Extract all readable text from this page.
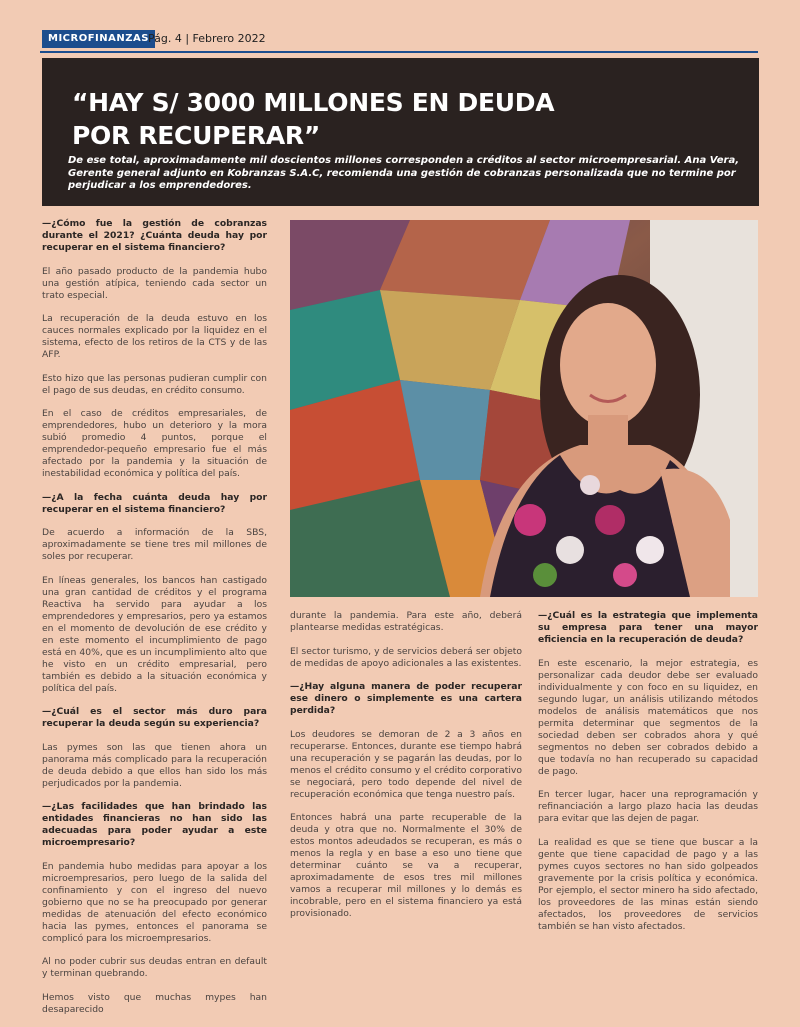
MICROFINANZAS Pág. 4 | Febrero 2022
“HAY S/ 3000 MILLONES EN DEUDA
POR RECUPERAR”

De ese total, aproximadamente mil doscientos millones corresponden a créditos al sector microempresarial. Ana Vera, Gerente general adjunto en Kobranzas S.A.C, recomienda una gestión de cobranzas personalizada que no termine por perjudicar a los emprendedores.

—¿Cómo fue la gestión de cobranzas durante el 2021? ¿Cuánta deuda hay por recuperar en el sistema financiero?

El año pasado producto de la pandemia hubo una gestión atípica, teniendo cada sector un trato especial.

La recuperación de la deuda estuvo en los cauces normales explicado por la liquidez en el sistema, efecto de los retiros de la CTS y de las AFP.

Esto hizo que las personas pudieran cumplir con el pago de sus deudas, en crédito consumo.

En el caso de créditos empresariales, de emprendedores, hubo un deterioro y la mora subió promedio 4 puntos, porque el emprendedor-pequeño empresario fue el más afectado por la pandemia y la situación de inestabilidad económica y política del país.

—¿A la fecha cuánta deuda hay por recuperar en el sistema financiero?

De acuerdo a información de la SBS, aproximadamente se tiene tres mil millones de soles por recuperar.

En líneas generales, los bancos han castigado una gran cantidad de créditos y el programa Reactiva ha servido para ayudar a los emprendedores y empresarios, pero ya estamos en el momento de devolución de ese crédito y en este momento el incumplimiento de pago está en 40%, que es un incumplimiento alto que he visto en un crédito empresarial, pero también es debido a la situación económica y política del país.

—¿Cuál es el sector más duro para recuperar la deuda según su experiencia?

Las pymes son las que tienen ahora un panorama más complicado para la recuperación de deuda debido a que ellos han sido los más perjudicados por la pandemia.

—¿Las facilidades que han brindado las entidades financieras no han sido las adecuadas para poder ayudar a este microempresario?

En pandemia hubo medidas para apoyar a los microempresarios, pero luego de la salida del confinamiento y con el ingreso del nuevo gobierno que no se ha preocupado por generar medidas de atenuación del efecto económico hacia las pymes, entonces el panorama se complicó para los microempresarios.

Al no poder cubrir sus deudas entran en default y terminan quebrando.

Hemos visto que muchas mypes han desaparecido

durante la pandemia. Para este año, deberá plantearse medidas estratégicas.

El sector turismo, y de servicios deberá ser objeto de medidas de apoyo adicionales a las existentes.

—¿Hay alguna manera de poder recuperar ese dinero o simplemente es una cartera perdida?

Los deudores se demoran de 2 a 3 años en recuperarse. Entonces, durante ese tiempo habrá una recuperación y se pagarán las deudas, por lo menos el crédito consumo y el crédito corporativo se negociará, pero todo depende del nivel de recuperación económica que tenga nuestro país.

Entonces habrá una parte recuperable de la deuda y otra que no. Normalmente el 30% de estos montos adeudados se recuperan, es más o menos la regla y en base a eso uno tiene que determinar cuánto se va a recuperar, aproximadamente de esos tres mil millones vamos a recuperar mil millones y lo demás es incobrable, pero en el sistema financiero ya está provisionado.

—¿Cuál es la estrategia que implementa su empresa para tener una mayor eficiencia en la recuperación de deuda?

En este escenario, la mejor estrategia, es personalizar cada deudor debe ser evaluado individualmente y con foco en su liquidez, en segundo lugar, un análisis utilizando métodos modelos de análisis matemáticos que nos permita determinar que segmentos de la sociedad deben ser cobrados ahora y qué segmentos no deben ser cobrados debido a que todavía no han recuperado su capacidad de pago.

En tercer lugar, hacer una reprogramación y refinanciación a largo plazo hacia las deudas para evitar que las dejen de pagar.

La realidad es que se tiene que buscar a la gente que tiene capacidad de pago y a las pymes cuyos sectores no han sido golpeados gravemente por la crisis política y económica. Por ejemplo, el sector minero ha sido afectado, los proveedores de las minas están siendo afectados, los proveedores de servicios también se han visto afectados.
